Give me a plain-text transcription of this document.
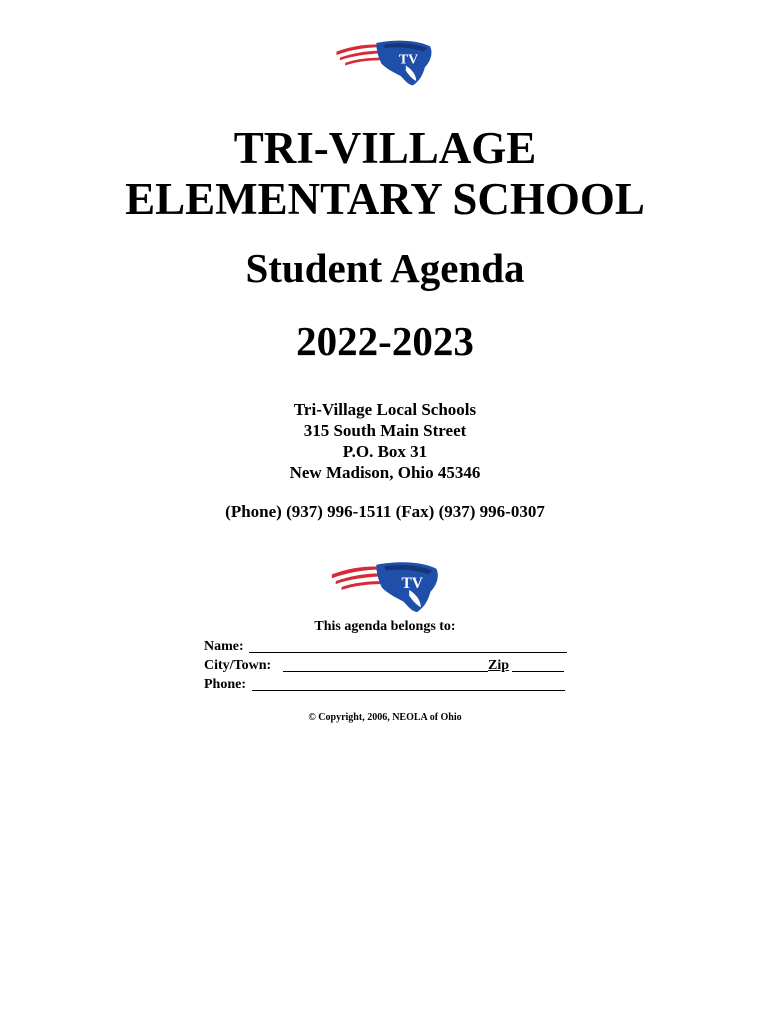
TV
TRI-VILLAGE
ELEMENTARY SCHOOL
Student Agenda
2022-2023
Tri-Village Local Schools
315 South Main Street
P.O. Box 31
New Madison, Ohio 45346
(Phone) (937) 996-1511 (Fax) (937) 996-0307
TV
This agenda belongs to:
Name:
City/Town:	Zip
Phone:
© Copyright, 2006, NEOLA of Ohio
